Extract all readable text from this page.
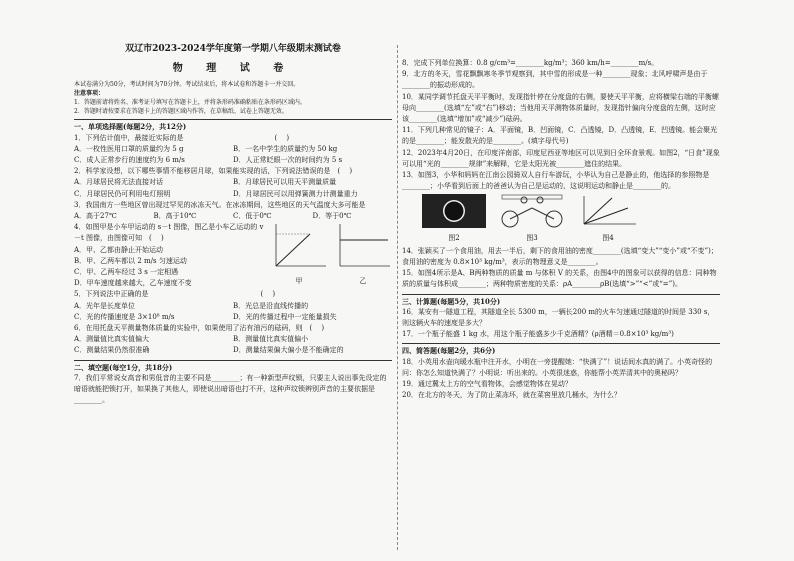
双辽市2023-2024学年度第一学期八年级期末测试卷
物 理 试 卷
本试卷满分为50分，考试时间为70分钟。考试结束后，将本试卷和答题卡一并交回。
注意事项：
1．答题前请将姓名、准考证号填写在答题卡上，并将条形码准确粘贴在条形码区域内。
2．答题时请按要求在答题卡上的答题区域内作答，在草稿纸、试卷上答题无效。
一、单项选择题(每题2分，共12分)
1．下列估计值中，最接近实际的是　　　　　　　　　　　　　( 　)
A．一枚性医用口罩的质量约为 5 g	B．一名中学生的质量约为 50 kg
C．成人正常步行的速度约为 6 m/s	D．人正常眨眼一次的时间约为 5 s
2．科学家设想，以下哪些事情不能移居月球，如果能实现的话，下列说法错误的是　( 　)
A．月球居民将无法直接对话	B．月球居民可以用天平测量质量
C．月球居民仍可利用电灯照明	D．月球居民可以用弹簧测力计测量重力
3．我国南方一些地区曾出现过罕见的冰冻天气。在冰冻期间，这些地区的天气温度大多可能是
A．高于27℃	B．高于10℃	C．低于0℃	D．等于0℃
4．如图甲是小车甲运动的 s－t 图像，图乙是小车乙运动的 v－t 图像，由图像可知　( 　)
A．甲、乙都由静止开始运动
B．甲、乙两车都以 2 m/s 匀速运动
C．甲、乙两车经过 3 s 一定相遇
D．甲车速度越来越大，乙车速度不变	甲	乙
5．下列说法中正确的是　　　　　　　　　　　　　　　　( 　)
A．光年是长度单位	B．光总是沿直线传播的
C．光的传播速度是 3×10⁸ m/s	D．光的传播过程中一定能量损失
6．在用托盘天平测量物体质量的实验中，如果使用了沾有油污的砝码，则　( 　)
A．测量值比真实值偏大	B．测量值比真实值偏小
C．测量结果仍然很准确	D．测量结果偏大偏小是不能确定的
二、填空题(每空1分，共18分)
7．我们平常说女高音和男低音的主要不同是________；有一种新型声纹锁，只要主人说出事先设定的暗语就能把锁打开，如果换了其他人，即使说出暗语也打不开，这种声纹锁辨别声音的主要依据是________。
8．完成下列单位换算：0.8 g/cm³=________kg/m³；360 km/h=________m/s。
9．北方的冬天，雪花飘飘寒冬季节观察到，其中雪的形成是一种________现象；北风呼啸声是由于________的振动形成的。
10．某同学调节托盘天平平衡时，发现指针停在分度盘的右侧，要使天平平衡，应将横梁右端的平衡螺母向________(选填“左”或“右”)移动；当他用天平测物体质量时，发现指针偏向分度盘的左侧，这时应该________(选填“增加”或“减少”)砝码。
11．下列几种常见的镜子：A．平面镜，B．凹面镜，C．凸透镜，D．凸透镜，E．凹透镜。能会聚光的是________；能发散光的是________。(填字母代号)
12．2023年4月20日，在印度洋南部，印度尼西亚等地区可以见到日全环食景观。如图2，“日食”现象可以用“光的________规律”来解释，它是太阳光被________遮住的结果。
13．如图3，小华和妈妈在江南公园骑双人自行车游玩，小华认为自己是静止的，他选择的参照物是________；小华看到后面上的爸爸认为自己是运动的，这说明运动和静止是________的。
图2	图3	图4
14．张颖买了一个食用油，用去一半后，剩下的食用油的密度________(选填“变大”“变小”或“不变”)；食用油的密度为 0.8×10³ kg/m³，表示的物理意义是________。
15．如图4所示是A、B两种物质的质量 m 与体积 V 的关系，由图4中的图象可以获得的信息：同种物质的质量与体积成________；两种物质密度的关系：ρA________ρB(选填“>”“<”或“=”)。
三、计算题(每题5分，共10分)
16．某安有一隧道工程，其隧道全长 5300 m，一辆长200 m的火车匀速通过隧道的时间是 330 s，则这辆火车的速度是多大？
17．一个瓶子能盛 1 kg 水，用这个瓶子能盛多少千克酒精？(ρ酒精＝0.8×10³ kg/m³)
四、简答题(每题2分，共6分)
18．小英用水壶向暖水瓶中注开水，小明在一旁提醒她：“快满了”！说话间水真的满了。小英奇怪的问：你怎么知道快满了？小明说：听出来的。小英很迷惑，你能帮小英弄清其中的奥秘吗？
19．通过冀太上方的空气看物体，会感觉物体在晃动？
20．在北方的冬天，为了防止菜冻坏，就在菜窖里放几桶水，为什么？
